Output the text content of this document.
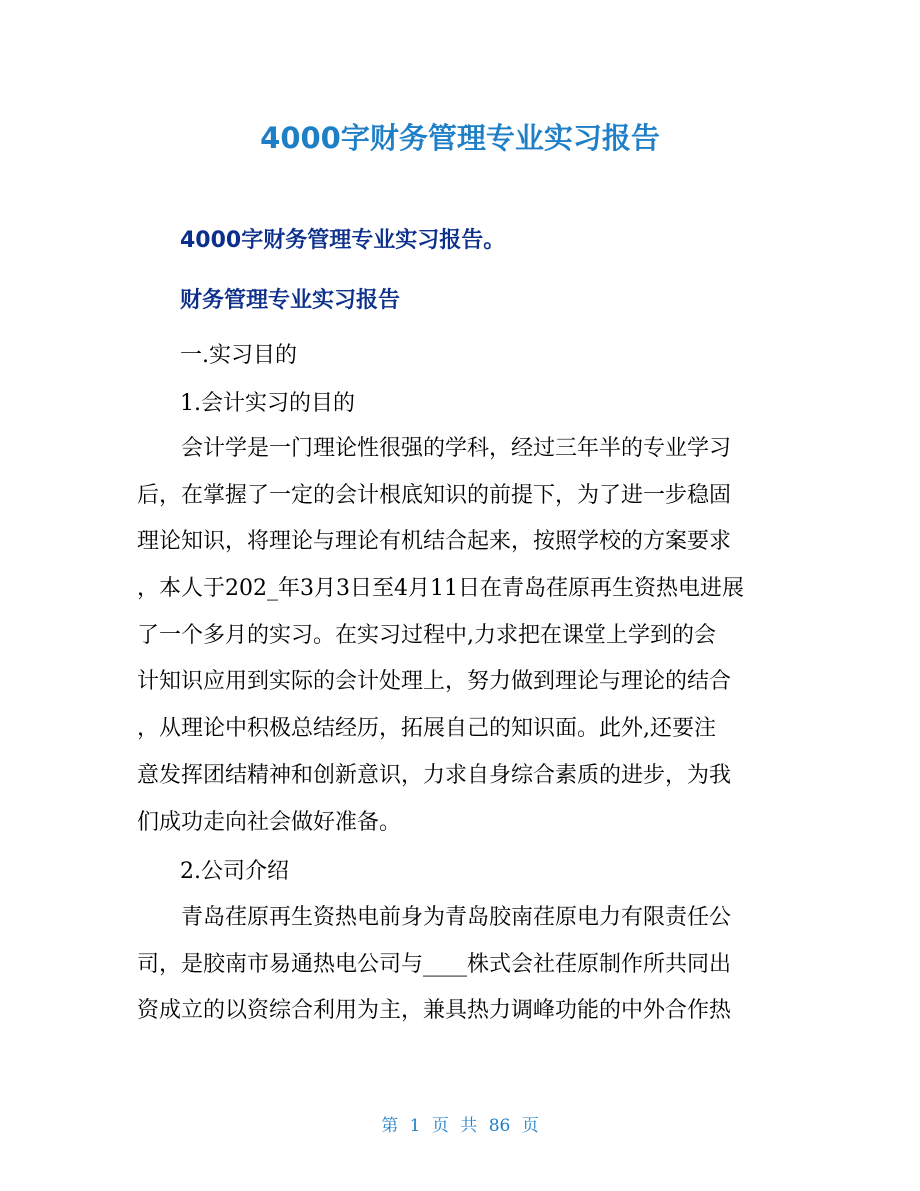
4000字财务管理专业实习报告
4000字财务管理专业实习报告。
财务管理专业实习报告
一.实习目的
1.会计实习的目的
会计学是一门理论性很强的学科，经过三年半的专业学习
后，在掌握了一定的会计根底知识的前提下，为了进一步稳固
理论知识，将理论与理论有机结合起来，按照学校的方案要求
，本人于202_年3月3日至4月11日在青岛荏原再生资热电进展
了一个多月的实习。在实习过程中,力求把在课堂上学到的会
计知识应用到实际的会计处理上，努力做到理论与理论的结合
，从理论中积极总结经历，拓展自己的知识面。此外,还要注
意发挥团结精神和创新意识，力求自身综合素质的进步，为我
们成功走向社会做好准备。
2.公司介绍
青岛荏原再生资热电前身为青岛胶南荏原电力有限责任公
司，是胶南市易通热电公司与____株式会社荏原制作所共同出
资成立的以资综合利用为主，兼具热力调峰功能的中外合作热
第 1 页 共 86 页
